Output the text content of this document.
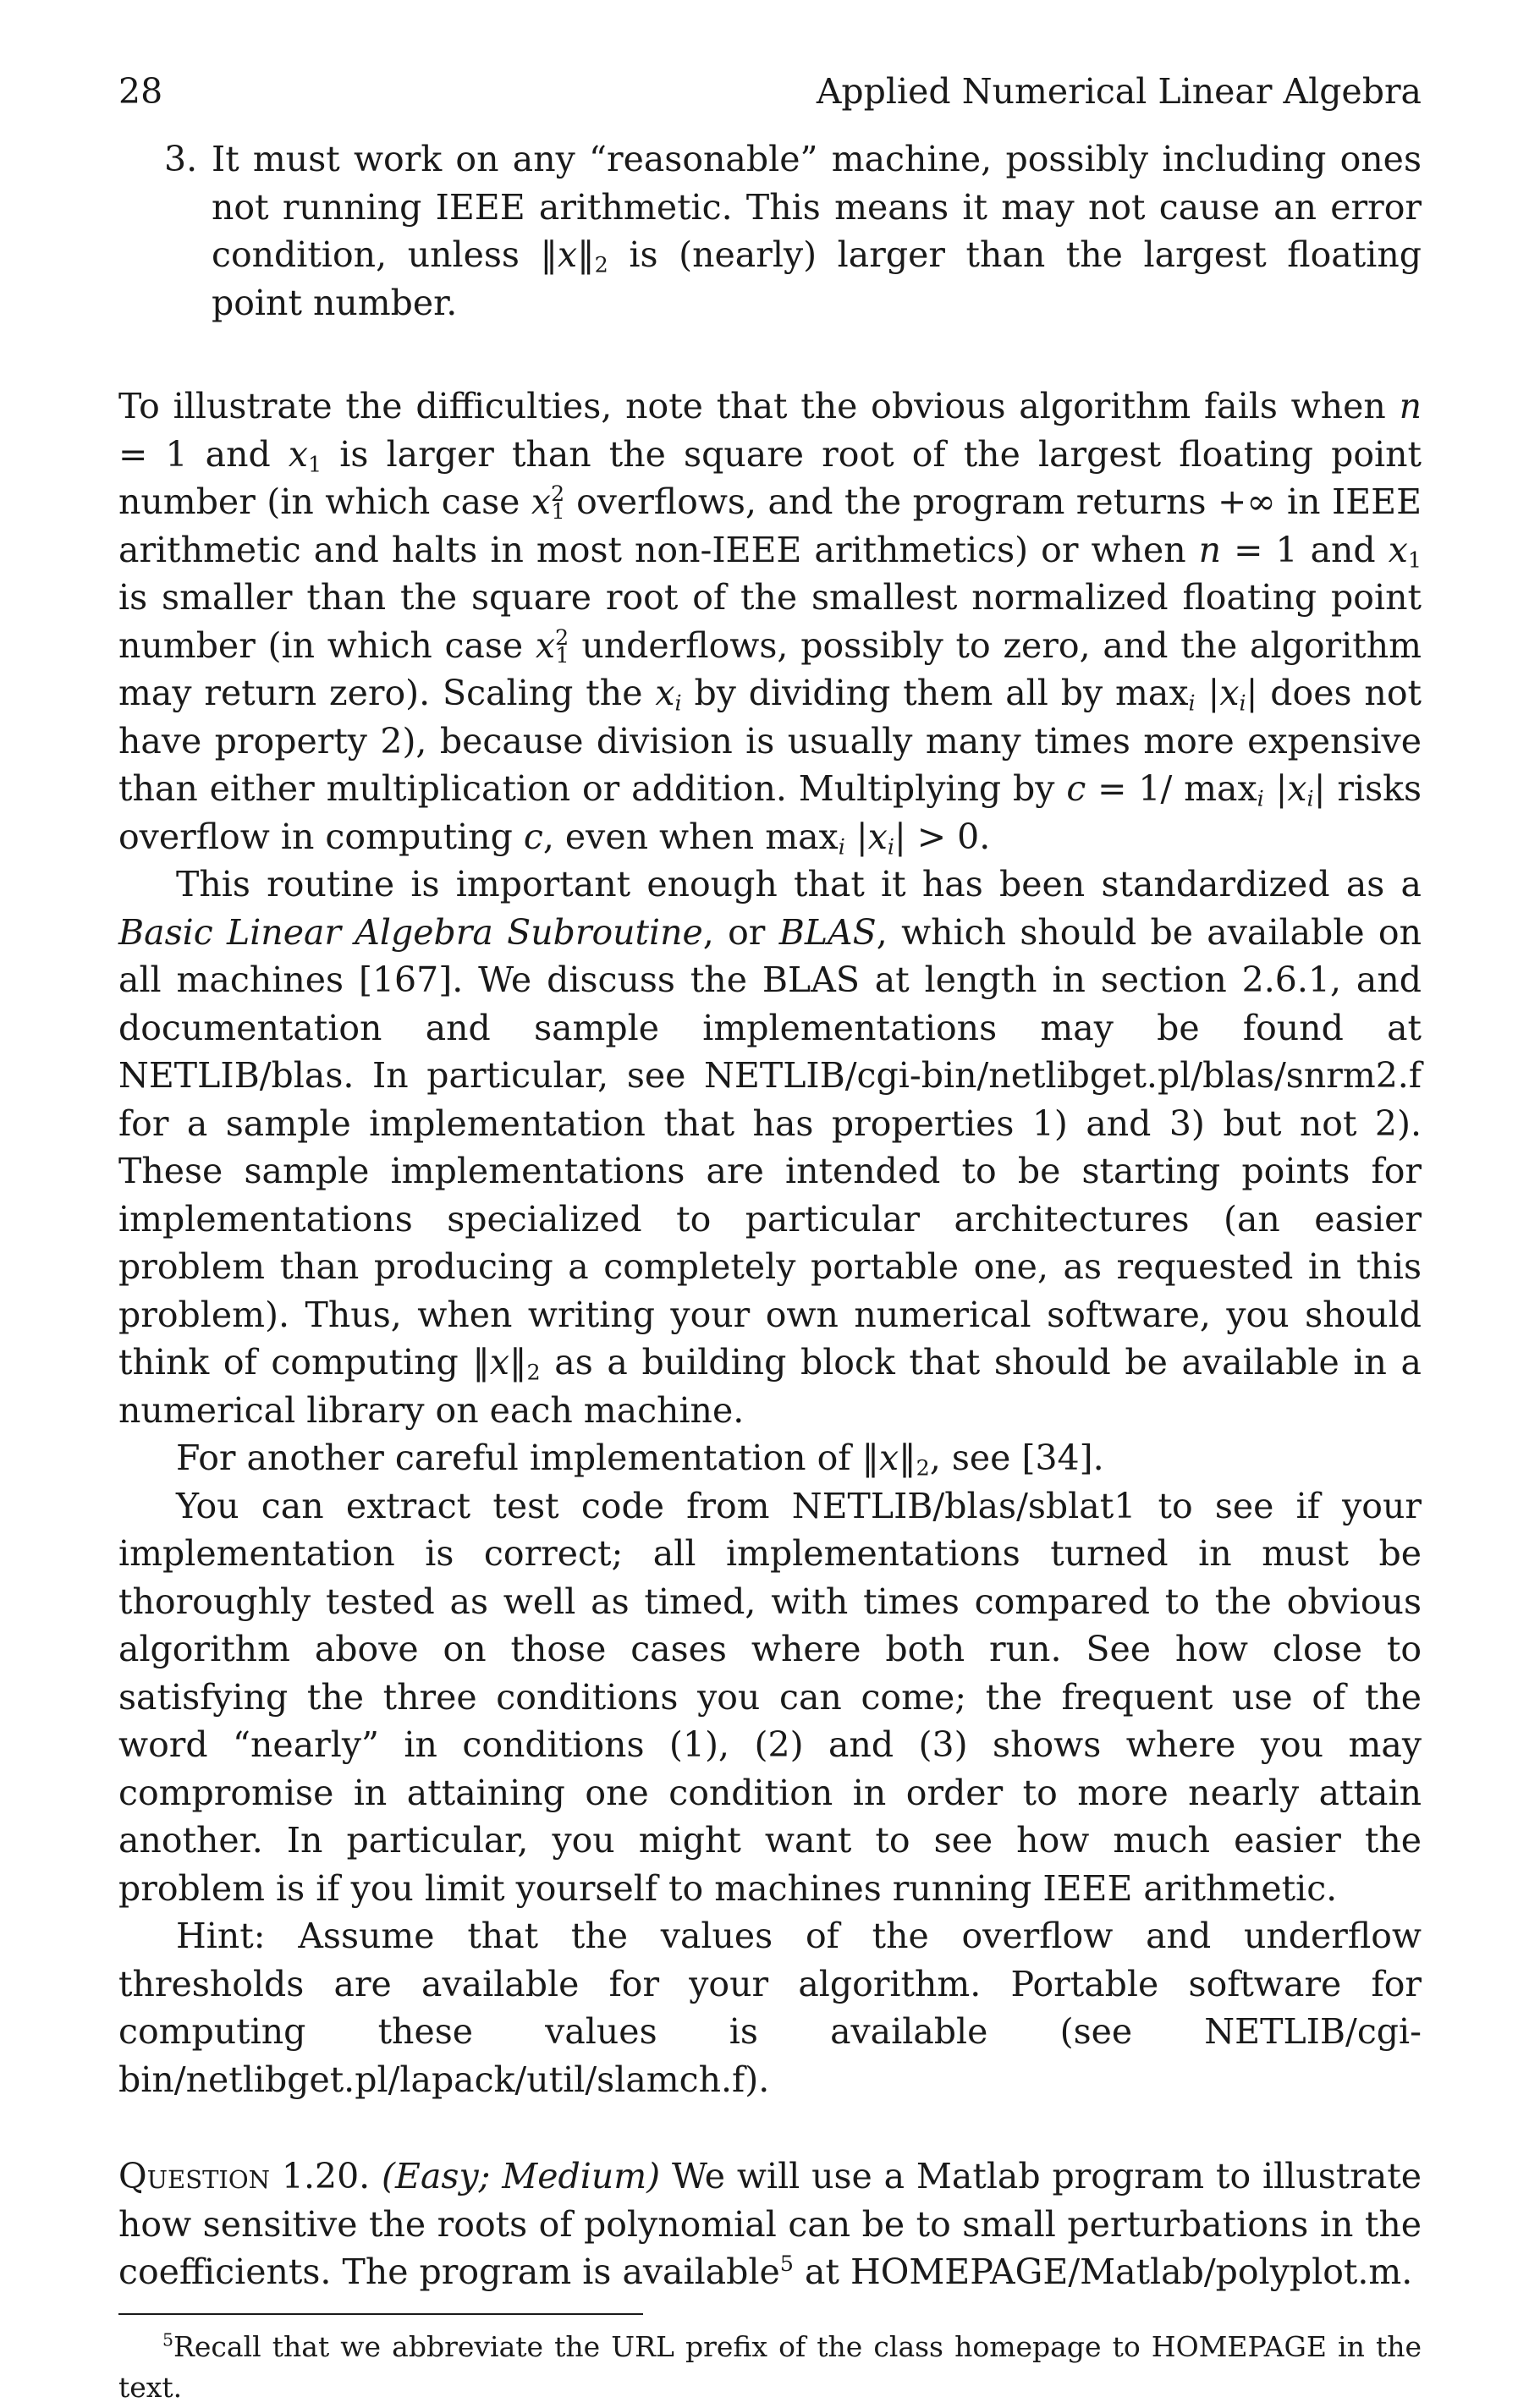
28	Applied Numerical Linear Algebra
3. It must work on any “reasonable” machine, possibly including ones not running IEEE arithmetic. This means it may not cause an error condition, unless $‖x‖_2$ is (nearly) larger than the largest floating point number.

To illustrate the difficulties, note that the obvious algorithm fails when n = 1 and $x_1$ is larger than the square root of the largest floating point number (in which case $x^2_1$ overflows, and the program returns +∞ in IEEE arithmetic and halts in most non-IEEE arithmetics) or when n = 1 and $x_1$ is smaller than the square root of the smallest normalized floating point number (in which case $x^2_1$ underflows, possibly to zero, and the algorithm may return zero). Scaling the $x_i$ by dividing them all by $\max_i |x_i|$ does not have property 2), because division is usually many times more expensive than either multiplication or addition. Multiplying by c = 1/ $\max_i |x_i|$ risks overflow in computing c, even when $\max_i |x_i| > 0$.

This routine is important enough that it has been standardized as a Basic Linear Algebra Subroutine, or BLAS, which should be available on all machines [167]. We discuss the BLAS at length in section 2.6.1, and documentation and sample implementations may be found at NETLIB/blas. In particular, see NETLIB/cgi-bin/netlibget.pl/blas/snrm2.f for a sample implementation that has properties 1) and 3) but not 2). These sample implementations are intended to be starting points for implementations specialized to particular architectures (an easier problem than producing a completely portable one, as requested in this problem). Thus, when writing your own numerical software, you should think of computing $‖x‖_2$ as a building block that should be available in a numerical library on each machine.

For another careful implementation of $‖x‖_2$, see [34].

You can extract test code from NETLIB/blas/sblat1 to see if your implementation is correct; all implementations turned in must be thoroughly tested as well as timed, with times compared to the obvious algorithm above on those cases where both run. See how close to satisfying the three conditions you can come; the frequent use of the word “nearly” in conditions (1), (2) and (3) shows where you may compromise in attaining one condition in order to more nearly attain another. In particular, you might want to see how much easier the problem is if you limit yourself to machines running IEEE arithmetic.

Hint: Assume that the values of the overflow and underflow thresholds are available for your algorithm. Portable software for computing these values is available (see NETLIB/cgi-bin/netlibget.pl/lapack/util/slamch.f).

Question 1.20. (Easy; Medium) We will use a Matlab program to illustrate how sensitive the roots of polynomial can be to small perturbations in the coefficients. The program is available$^5$ at HOMEPAGE/Matlab/polyplot.m.

$^5$Recall that we abbreviate the URL prefix of the class homepage to HOMEPAGE in the text.
